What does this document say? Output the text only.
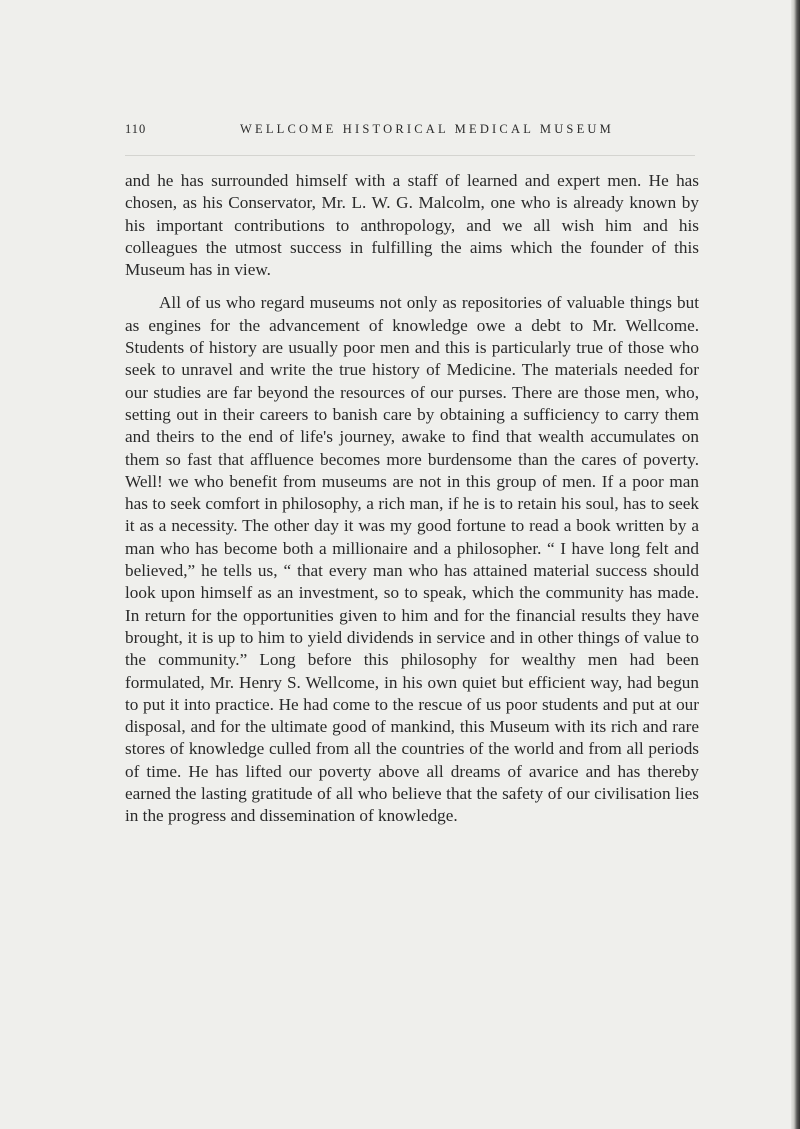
110	WELLCOME HISTORICAL MEDICAL MUSEUM

and he has surrounded himself with a staff of learned and expert men. He has chosen, as his Conservator, Mr. L. W. G. Malcolm, one who is already known by his important contributions to anthropology, and we all wish him and his colleagues the utmost success in fulfilling the aims which the founder of this Museum has in view.

All of us who regard museums not only as repositories of valuable things but as engines for the advancement of knowledge owe a debt to Mr. Wellcome. Students of history are usually poor men and this is particularly true of those who seek to unravel and write the true history of Medicine. The materials needed for our studies are far beyond the resources of our purses. There are those men, who, setting out in their careers to banish care by obtaining a sufficiency to carry them and theirs to the end of life's journey, awake to find that wealth accumulates on them so fast that affluence becomes more burdensome than the cares of poverty. Well! we who benefit from museums are not in this group of men. If a poor man has to seek comfort in philosophy, a rich man, if he is to retain his soul, has to seek it as a necessity. The other day it was my good fortune to read a book written by a man who has become both a millionaire and a philosopher. “ I have long felt and believed,” he tells us, “ that every man who has attained material success should look upon himself as an investment, so to speak, which the community has made. In return for the opportunities given to him and for the financial results they have brought, it is up to him to yield dividends in service and in other things of value to the community.” Long before this philosophy for wealthy men had been formulated, Mr. Henry S. Wellcome, in his own quiet but efficient way, had begun to put it into practice. He had come to the rescue of us poor students and put at our disposal, and for the ultimate good of mankind, this Museum with its rich and rare stores of knowledge culled from all the countries of the world and from all periods of time. He has lifted our poverty above all dreams of avarice and has thereby earned the lasting gratitude of all who believe that the safety of our civilisation lies in the progress and dissemination of knowledge.
